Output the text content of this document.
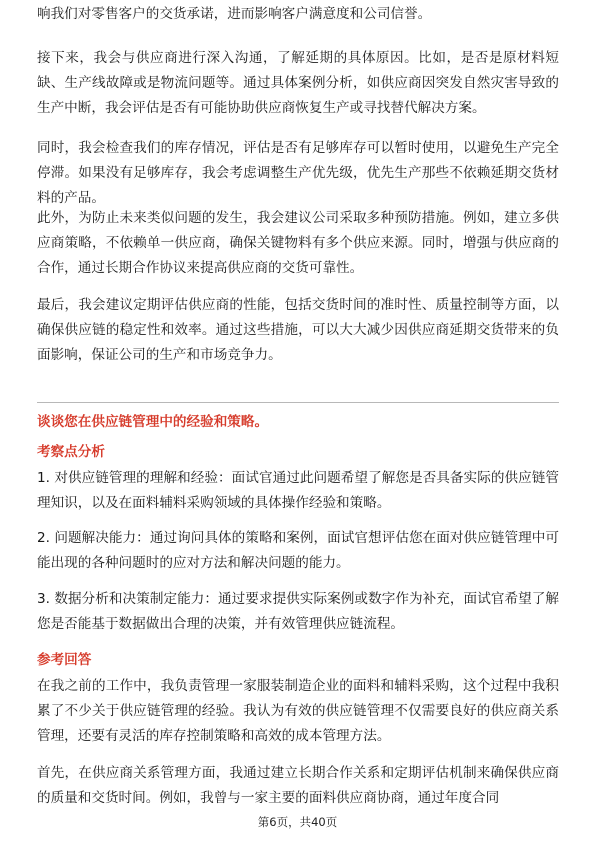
响我们对零售客户的交货承诺，进而影响客户满意度和公司信誉。

接下来，我会与供应商进行深入沟通，了解延期的具体原因。比如，是否是原材料短缺、生产线故障或是物流问题等。通过具体案例分析，如供应商因突发自然灾害导致的生产中断，我会评估是否有可能协助供应商恢复生产或寻找替代解决方案。

同时，我会检查我们的库存情况，评估是否有足够库存可以暂时使用，以避免生产完全停滞。如果没有足够库存，我会考虑调整生产优先级，优先生产那些不依赖延期交货材料的产品。

此外，为防止未来类似问题的发生，我会建议公司采取多种预防措施。例如，建立多供应商策略，不依赖单一供应商，确保关键物料有多个供应来源。同时，增强与供应商的合作，通过长期合作协议来提高供应商的交货可靠性。

最后，我会建议定期评估供应商的性能，包括交货时间的准时性、质量控制等方面，以确保供应链的稳定性和效率。通过这些措施，可以大大减少因供应商延期交货带来的负面影响，保证公司的生产和市场竞争力。

谈谈您在供应链管理中的经验和策略。
考察点分析

1. 对供应链管理的理解和经验：面试官通过此问题希望了解您是否具备实际的供应链管理知识，以及在面料辅料采购领域的具体操作经验和策略。

2. 问题解决能力：通过询问具体的策略和案例，面试官想评估您在面对供应链管理中可能出现的各种问题时的应对方法和解决问题的能力。

3. 数据分析和决策制定能力：通过要求提供实际案例或数字作为补充，面试官希望了解您是否能基于数据做出合理的决策，并有效管理供应链流程。

参考回答

在我之前的工作中，我负责管理一家服装制造企业的面料和辅料采购，这个过程中我积累了不少关于供应链管理的经验。我认为有效的供应链管理不仅需要良好的供应商关系管理，还要有灵活的库存控制策略和高效的成本管理方法。

首先，在供应商关系管理方面，我通过建立长期合作关系和定期评估机制来确保供应商的质量和交货时间。例如，我曾与一家主要的面料供应商协商，通过年度合同

第6页，共40页
